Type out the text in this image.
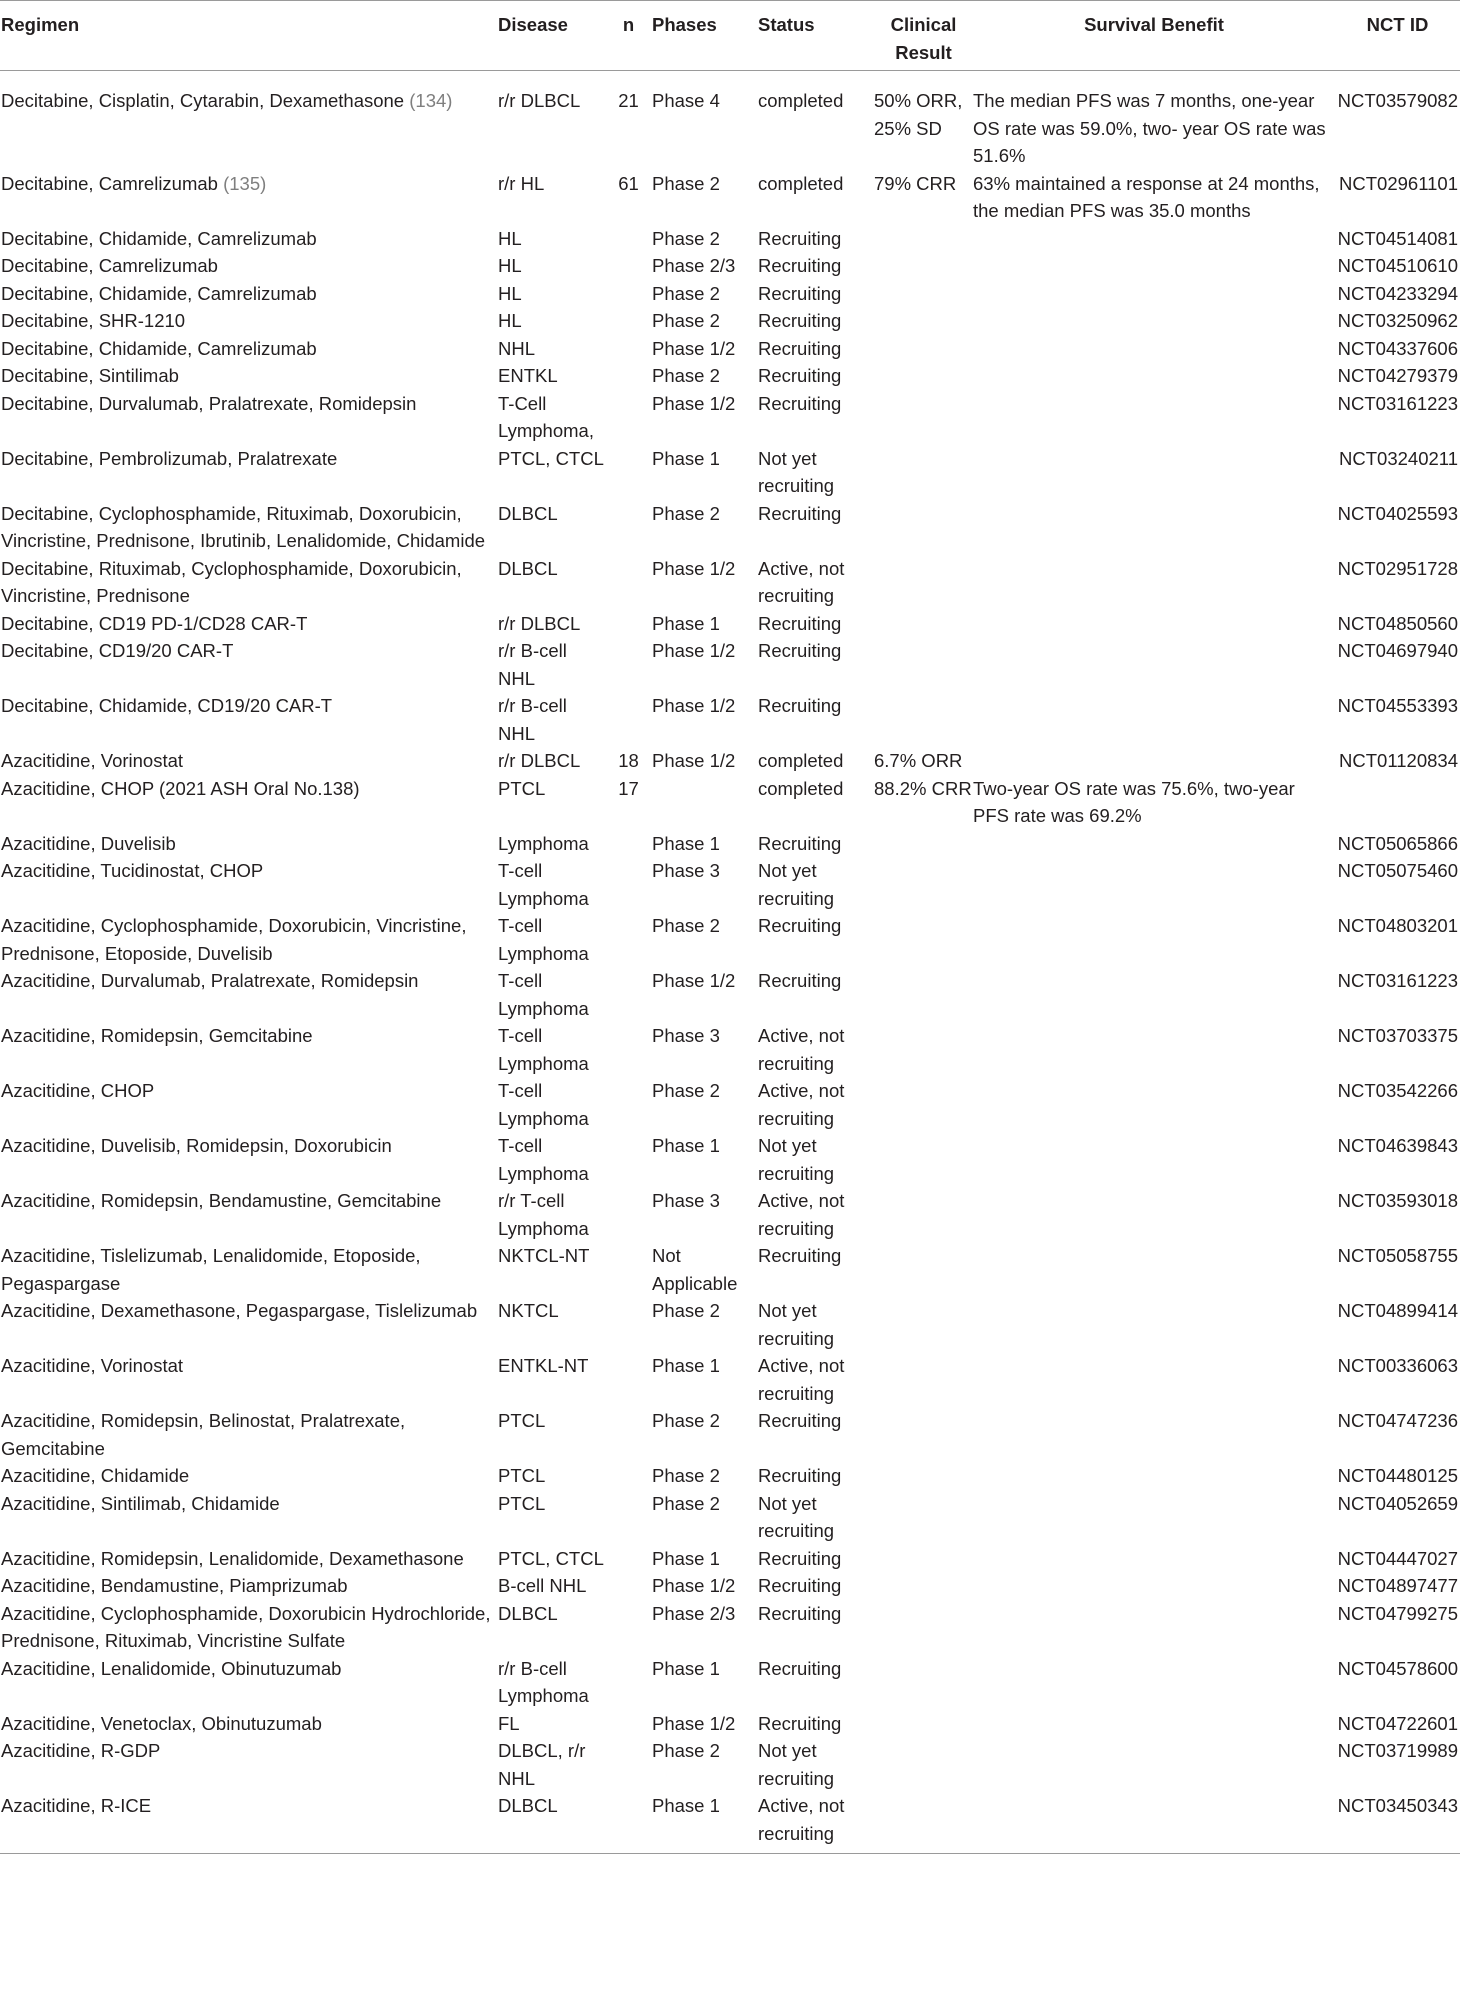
Regimen	Disease	n	Phases	Status	Clinical Result	Survival Benefit	NCT ID
Decitabine, Cisplatin, Cytarabin, Dexamethasone (134)	r/r DLBCL	21	Phase 4	completed	50% ORR, 25% SD	The median PFS was 7 months, one-year OS rate was 59.0%, two- year OS rate was 51.6%	NCT03579082
Decitabine, Camrelizumab (135)	r/r HL	61	Phase 2	completed	79% CRR	63% maintained a response at 24 months, the median PFS was 35.0 months	NCT02961101
Decitabine, Chidamide, Camrelizumab	HL		Phase 2	Recruiting			NCT04514081
Decitabine, Camrelizumab	HL		Phase 2/3	Recruiting			NCT04510610
Decitabine, Chidamide, Camrelizumab	HL		Phase 2	Recruiting			NCT04233294
Decitabine, SHR-1210	HL		Phase 2	Recruiting			NCT03250962
Decitabine, Chidamide, Camrelizumab	NHL		Phase 1/2	Recruiting			NCT04337606
Decitabine, Sintilimab	ENTKL		Phase 2	Recruiting			NCT04279379
Decitabine, Durvalumab, Pralatrexate, Romidepsin	T-Cell Lymphoma,		Phase 1/2	Recruiting			NCT03161223
Decitabine, Pembrolizumab, Pralatrexate	PTCL, CTCL		Phase 1	Not yet recruiting			NCT03240211
Decitabine, Cyclophosphamide, Rituximab, Doxorubicin, Vincristine, Prednisone, Ibrutinib, Lenalidomide, Chidamide	DLBCL		Phase 2	Recruiting			NCT04025593
Decitabine, Rituximab, Cyclophosphamide, Doxorubicin, Vincristine, Prednisone	DLBCL		Phase 1/2	Active, not recruiting			NCT02951728
Decitabine, CD19 PD-1/CD28 CAR-T	r/r DLBCL		Phase 1	Recruiting			NCT04850560
Decitabine, CD19/20 CAR-T	r/r B-cell NHL		Phase 1/2	Recruiting			NCT04697940
Decitabine, Chidamide, CD19/20 CAR-T	r/r B-cell NHL		Phase 1/2	Recruiting			NCT04553393
Azacitidine, Vorinostat	r/r DLBCL	18	Phase 1/2	completed	6.7% ORR		NCT01120834
Azacitidine, CHOP (2021 ASH Oral No.138)	PTCL	17		completed	88.2% CRR	Two-year OS rate was 75.6%, two-year PFS rate was 69.2%	
Azacitidine, Duvelisib	Lymphoma		Phase 1	Recruiting			NCT05065866
Azacitidine, Tucidinostat, CHOP	T-cell Lymphoma		Phase 3	Not yet recruiting			NCT05075460
Azacitidine, Cyclophosphamide, Doxorubicin, Vincristine, Prednisone, Etoposide, Duvelisib	T-cell Lymphoma		Phase 2	Recruiting			NCT04803201
Azacitidine, Durvalumab, Pralatrexate, Romidepsin	T-cell Lymphoma		Phase 1/2	Recruiting			NCT03161223
Azacitidine, Romidepsin, Gemcitabine	T-cell Lymphoma		Phase 3	Active, not recruiting			NCT03703375
Azacitidine, CHOP	T-cell Lymphoma		Phase 2	Active, not recruiting			NCT03542266
Azacitidine, Duvelisib, Romidepsin, Doxorubicin	T-cell Lymphoma		Phase 1	Not yet recruiting			NCT04639843
Azacitidine, Romidepsin, Bendamustine, Gemcitabine	r/r T-cell Lymphoma		Phase 3	Active, not recruiting			NCT03593018
Azacitidine, Tislelizumab, Lenalidomide, Etoposide, Pegaspargase	NKTCL-NT		Not Applicable	Recruiting			NCT05058755
Azacitidine, Dexamethasone, Pegaspargase, Tislelizumab	NKTCL		Phase 2	Not yet recruiting			NCT04899414
Azacitidine, Vorinostat	ENTKL-NT		Phase 1	Active, not recruiting			NCT00336063
Azacitidine, Romidepsin, Belinostat, Pralatrexate, Gemcitabine	PTCL		Phase 2	Recruiting			NCT04747236
Azacitidine, Chidamide	PTCL		Phase 2	Recruiting			NCT04480125
Azacitidine, Sintilimab, Chidamide	PTCL		Phase 2	Not yet recruiting			NCT04052659
Azacitidine, Romidepsin, Lenalidomide, Dexamethasone	PTCL, CTCL		Phase 1	Recruiting			NCT04447027
Azacitidine, Bendamustine, Piamprizumab	B-cell NHL		Phase 1/2	Recruiting			NCT04897477
Azacitidine, Cyclophosphamide, Doxorubicin Hydrochloride, Prednisone, Rituximab, Vincristine Sulfate	DLBCL		Phase 2/3	Recruiting			NCT04799275
Azacitidine, Lenalidomide, Obinutuzumab	r/r B-cell Lymphoma		Phase 1	Recruiting			NCT04578600
Azacitidine, Venetoclax, Obinutuzumab	FL		Phase 1/2	Recruiting			NCT04722601
Azacitidine, R-GDP	DLBCL, r/r NHL		Phase 2	Not yet recruiting			NCT03719989
Azacitidine, R-ICE	DLBCL		Phase 1	Active, not recruiting			NCT03450343
